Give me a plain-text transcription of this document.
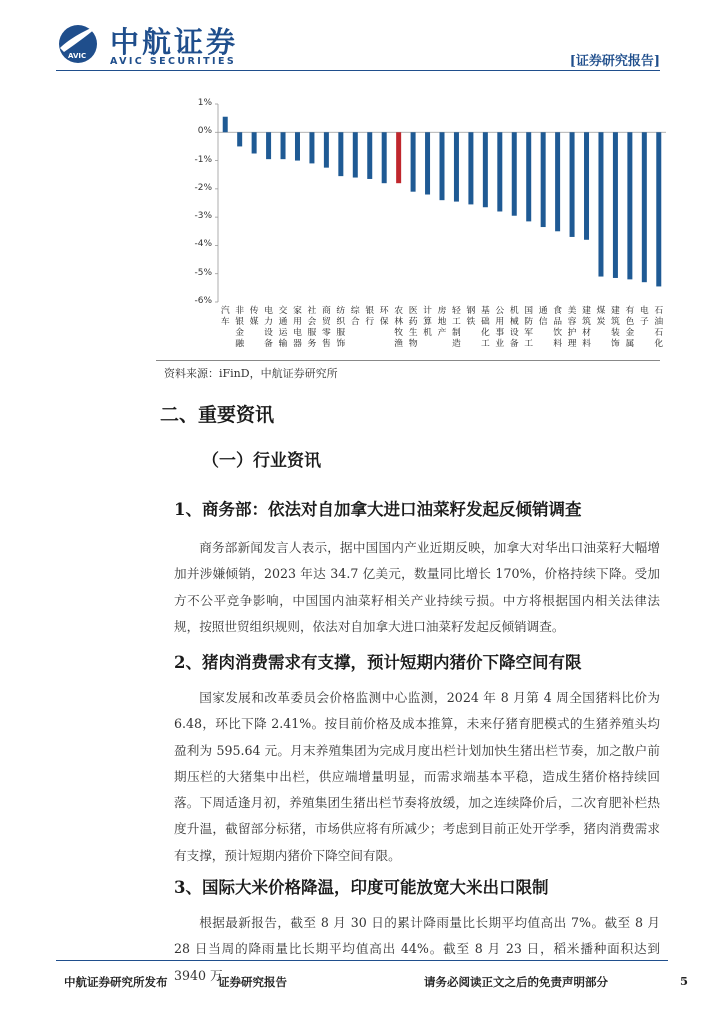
AVIC 中航证券
AVIC SECURITIES	[证券研究报告]
1%
0%
-1%
-2%
-3%
-4%
-5%
-6%
汽车
非银金融
传媒
电力设备
交通运输
家用电器
社会服务
商贸零售
纺织服饰
综合
银行
环保
农林牧渔
医药生物
计算机
房地产
轻工制造
钢铁
基础化工
公用事业
机械设备
国防军工
通信
食品饮料
美容护理
建筑材料
煤炭
建筑装饰
有色金属
电子
石油石化
资料来源：iFinD，中航证券研究所
二、重要资讯
（一）行业资讯
1、商务部：依法对自加拿大进口油菜籽发起反倾销调查
商务部新闻发言人表示，据中国国内产业近期反映，加拿大对华出口油菜籽大幅增加并涉嫌倾销，2023 年达 34.7 亿美元，数量同比增长 170%，价格持续下降。受加方不公平竞争影响，中国国内油菜籽相关产业持续亏损。中方将根据国内相关法律法规，按照世贸组织规则，依法对自加拿大进口油菜籽发起反倾销调查。
2、猪肉消费需求有支撑，预计短期内猪价下降空间有限
国家发展和改革委员会价格监测中心监测，2024 年 8 月第 4 周全国猪料比价为 6.48，环比下降 2.41%。按目前价格及成本推算，未来仔猪育肥模式的生猪养殖头均盈利为 595.64 元。月末养殖集团为完成月度出栏计划加快生猪出栏节奏，加之散户前期压栏的大猪集中出栏，供应端增量明显，而需求端基本平稳，造成生猪价格持续回落。下周适逢月初，养殖集团生猪出栏节奏将放缓，加之连续降价后，二次育肥补栏热度升温，截留部分标猪，市场供应将有所减少；考虑到目前正处开学季，猪肉消费需求有支撑，预计短期内猪价下降空间有限。
3、国际大米价格降温，印度可能放宽大米出口限制
根据最新报告，截至 8 月 30 日的累计降雨量比长期平均值高出 7%。截至 8 月 28 日当周的降雨量比长期平均值高出 44%。截至 8 月 23 日，稻米播种面积达到 3940 万
中航证券研究所发布	证券研究报告	请务必阅读正文之后的免责声明部分	5
